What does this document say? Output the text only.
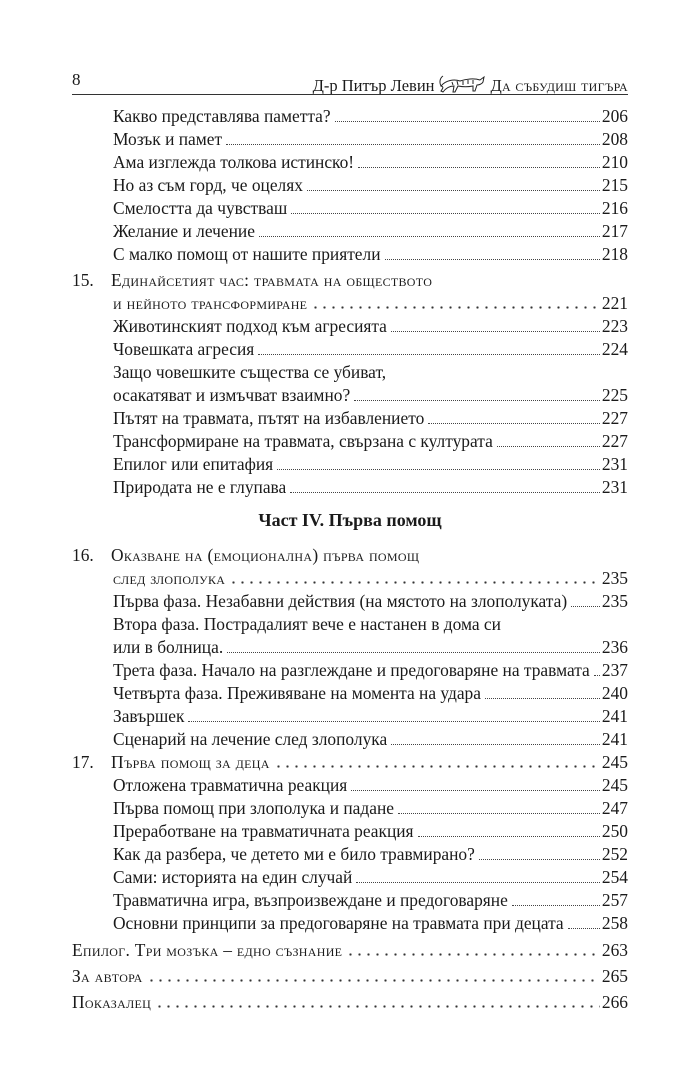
8	Д-р Питър Левин	Да събудиш тигъра
Какво представлява паметта?	206
Мозък и памет	208
Ама изглежда толкова истинско!	210
Но аз съм горд, че оцелях	215
Смелостта да чувстваш	216
Желание и лечение	217
С малко помощ от нашите приятели	218
15. Единайсетият час: травмата на обществото
и нейното трансформиране	221
Животинският подход към агресията	223
Човешката агресия	224
Защо човешките същества се убиват,
осакатяват и измъчват взаимно?	225
Пътят на травмата, пътят на избавлението	227
Трансформиране на травмата, свързана с културата	227
Епилог или епитафия	231
Природата не е глупава	231
Част IV. Първа помощ
16. Оказване на (емоционална) първа помощ
след злополука	235
Първа фаза. Незабавни действия (на мястото на злополуката) 235
Втора фаза. Пострадалият вече е настанен в дома си
или в болница.	236
Трета фаза. Начало на разглеждане и предоговаряне на травмата 237
Четвърта фаза. Преживяване на момента на удара	240
Завършек	241
Сценарий на лечение след злополука	241
17. Първа помощ за деца	245
Отложена травматична реакция	245
Първа помощ при злополука и падане	247
Преработване на травматичната реакция	250
Как да разбера, че детето ми е било травмирано?	252
Сами: историята на един случай	254
Травматична игра, възпроизвеждане и предоговаряне	257
Основни принципи за предоговаряне на травмата при децата 258
Епилог. Три мозъка – едно съзнание	263
За автора	265
Показалец	266
